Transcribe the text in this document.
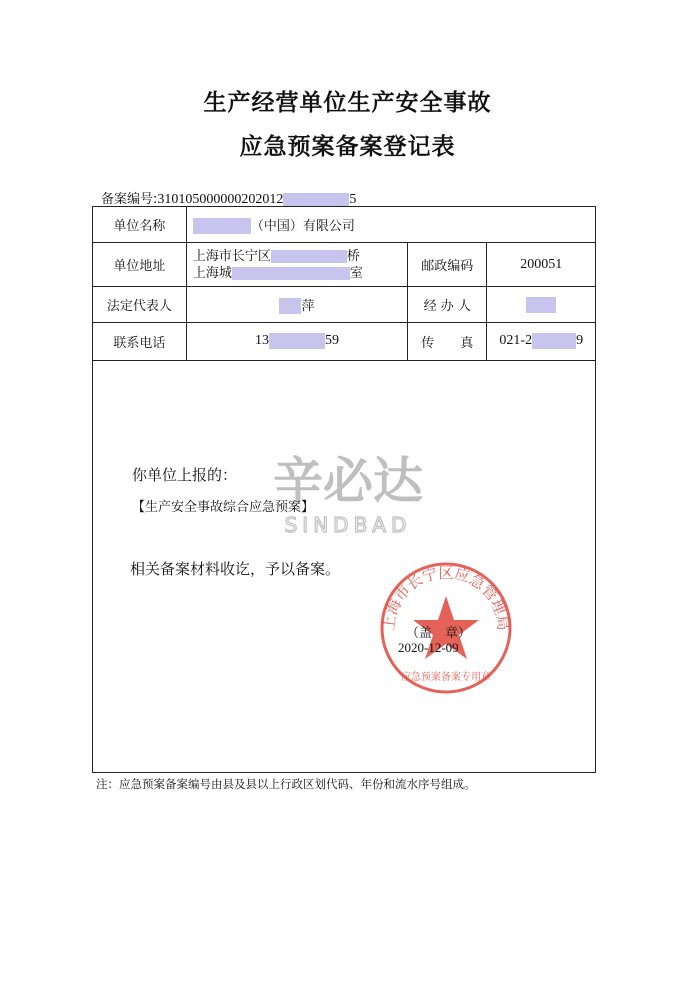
生产经营单位生产安全事故
应急预案备案登记表
备案编号:310105000000202012	5
单位名称	（中国）有限公司		
单位地址	上海市长宁区 桥
上海城 室	邮政编码	200051
法定代表人	萍	经 办 人	
联系电话	13 59	传　　真	021-2 9
辛必达
SINDBAD
你单位上报的：
【生产安全事故综合应急预案】
相关备案材料收讫，予以备案。
上海市长宁区应急管理局
应急预案备案专用章
（盖　章）
2020-12-09
注：应急预案备案编号由县及县以上行政区划代码、年份和流水序号组成。
